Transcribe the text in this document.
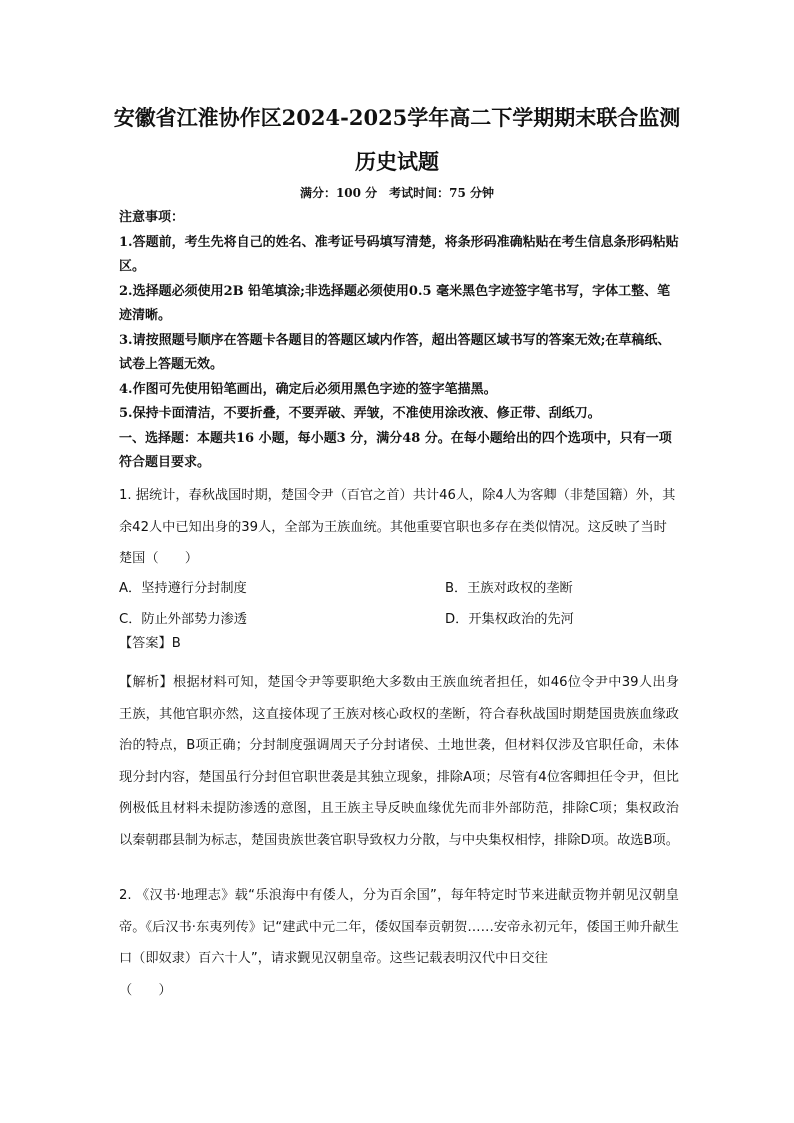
安徽省江淮协作区2024-2025学年高二下学期期末联合监测
历史试题
满分：100 分　考试时间：75 分钟
注意事项：
1.答题前，考生先将自己的姓名、准考证号码填写清楚，将条形码准确粘贴在考生信息条形码粘贴区。
2.选择题必须使用2B 铅笔填涂;非选择题必须使用0.5 毫米黑色字迹签字笔书写，字体工整、笔迹清晰。
3.请按照题号顺序在答题卡各题目的答题区域内作答，超出答题区域书写的答案无效;在草稿纸、试卷上答题无效。
4.作图可先使用铅笔画出，确定后必须用黑色字迹的签字笔描黑。
5.保持卡面清洁，不要折叠，不要弄破、弄皱，不准使用涂改液、修正带、刮纸刀。
一、选择题：本题共16 小题，每小题3 分，满分48 分。在每小题给出的四个选项中，只有一项符合题目要求。
1. 据统计，春秋战国时期，楚国令尹（百官之首）共计46人，除4人为客卿（非楚国籍）外，其余42人中已知出身的39人，全部为王族血统。其他重要官职也多存在类似情况。这反映了当时楚国（　　）
A．坚持遵行分封制度	B．王族对政权的垄断
C．防止外部势力渗透	D．开集权政治的先河
【答案】B
【解析】根据材料可知，楚国令尹等要职绝大多数由王族血统者担任，如46位令尹中39人出身王族，其他官职亦然，这直接体现了王族对核心政权的垄断，符合春秋战国时期楚国贵族血缘政治的特点，B项正确；分封制度强调周天子分封诸侯、土地世袭，但材料仅涉及官职任命，未体现分封内容，楚国虽行分封但官职世袭是其独立现象，排除A项；尽管有4位客卿担任令尹，但比例极低且材料未提防渗透的意图，且王族主导反映血缘优先而非外部防范，排除C项；集权政治以秦朝郡县制为标志，楚国贵族世袭官职导致权力分散，与中央集权相悖，排除D项。故选B项。
2. 《汉书·地理志》载“乐浪海中有倭人，分为百余国”，每年特定时节来进献贡物并朝见汉朝皇帝。《后汉书·东夷列传》记“建武中元二年，倭奴国奉贡朝贺……安帝永初元年，倭国王帅升献生口（即奴隶）百六十人”，请求觐见汉朝皇帝。这些记载表明汉代中日交往
（　　）
